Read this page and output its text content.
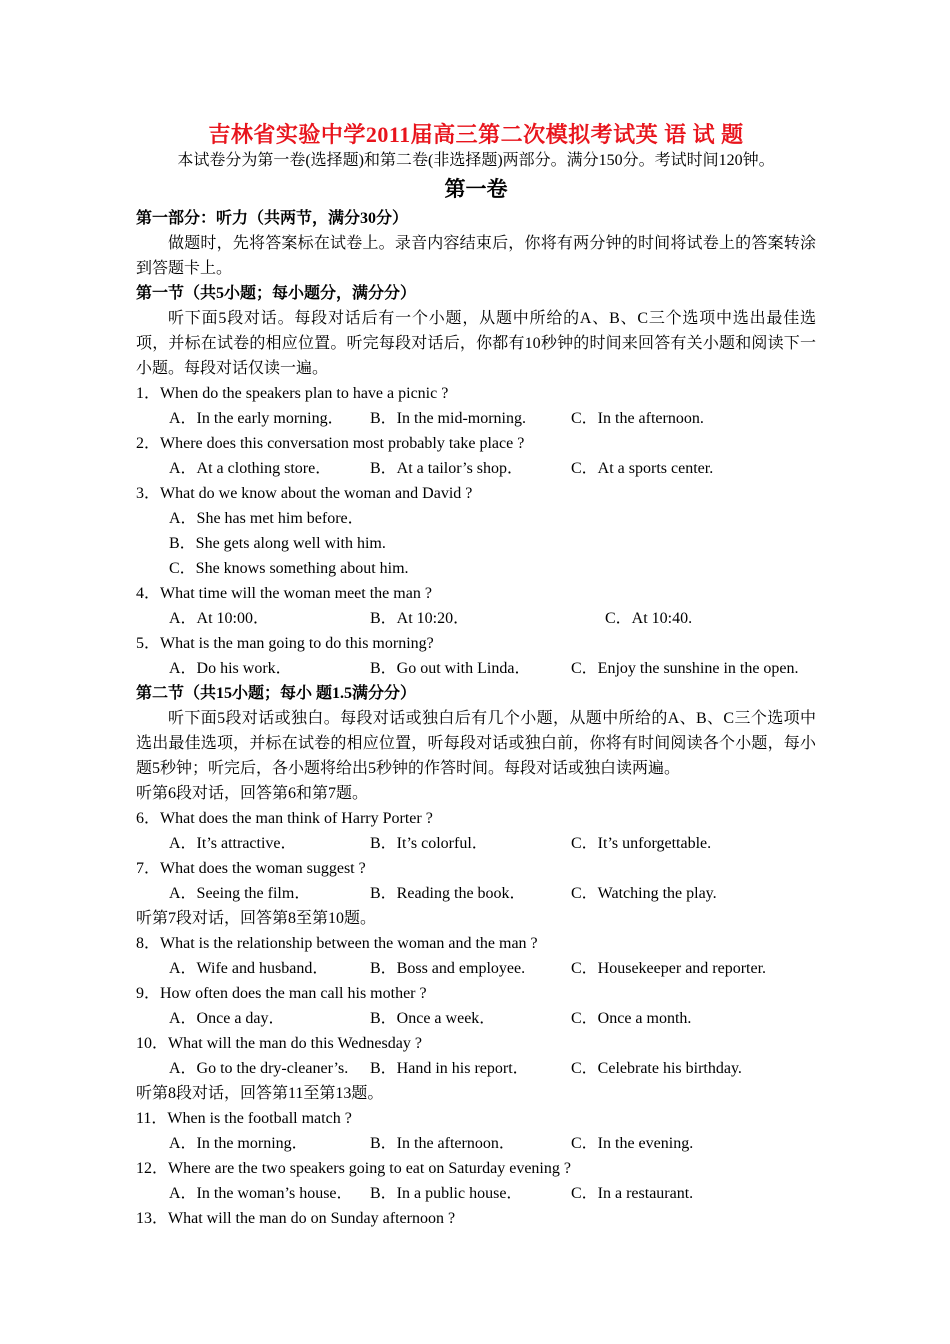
吉林省实验中学2011届高三第二次模拟考试英 语 试 题

本试卷分为第一卷(选择题)和第二卷(非选择题)两部分。满分150分。考试时间120钟。

第一卷

第一部分：听力（共两节，满分30分）

做题时，先将答案标在试卷上。录音内容结束后，你将有两分钟的时间将试卷上的答案转涂到答题卡上。

第一节（共5小题；每小题分，满分分）

听下面5段对话。每段对话后有一个小题，从题中所给的A、B、C三个选项中选出最佳选项，并标在试卷的相应位置。听完每段对话后，你都有10秒钟的时间来回答有关小题和阅读下一小题。每段对话仅读一遍。

1．When do the speakers plan to have a picnic ?

A．In the early morning． B．In the mid-morning.	C．In the afternoon.

2．Where does this conversation most probably take place ?

A．At a clothing store． B．At a tailor’s shop．	C．At a sports center.

3．What do we know about the woman and David ?

A．She has met him before．

B．She gets along well with him.

C．She knows something about him.

4．What time will the woman meet the man ?

A．At 10:00．	B．At 10:20．	C．At 10:40.

5．What is the man going to do this morning?

A．Do his work．	B．Go out with Linda．	C．Enjoy the sunshine in the open.

第二节（共15小题；每小 题1.5满分分）

听下面5段对话或独白。每段对话或独白后有几个小题，从题中所给的A、B、C三个选项中选出最佳选项，并标在试卷的相应位置，听每段对话或独白前，你将有时间阅读各个小题，每小题5秒钟；听完后，各小题将给出5秒钟的作答时间。每段对话或独白读两遍。

听第6段对话，回答第6和第7题。

6．What does the man think of Harry Porter ?

A．It’s attractive．	B．It’s colorful．	C．It’s unforgettable.

7．What does the woman suggest ?

A．Seeing the film．	B．Reading the book．	C．Watching the play.

听第7段对话，回答第8至第10题。

8．What is the relationship between the woman and the man ?

A．Wife and husband．	B．Boss and employee.	C．Housekeeper and reporter.

9．How often does the man call his mother ?

A．Once a day．	B．Once a week．	C．Once a month.

10．What will the man do this Wednesday ?

A．Go to the dry-cleaner’s. B．Hand in his report．	C．Celebrate his birthday.

听第8段对话，回答第11至第13题。

11．When is the football match ?

A．In the morning．	B．In the afternoon．	C．In the evening.

12．Where are the two speakers going to eat on Saturday evening ?

A．In the woman’s house． B．In a public house．	C．In a restaurant.

13．What will the man do on Sunday afternoon ?
